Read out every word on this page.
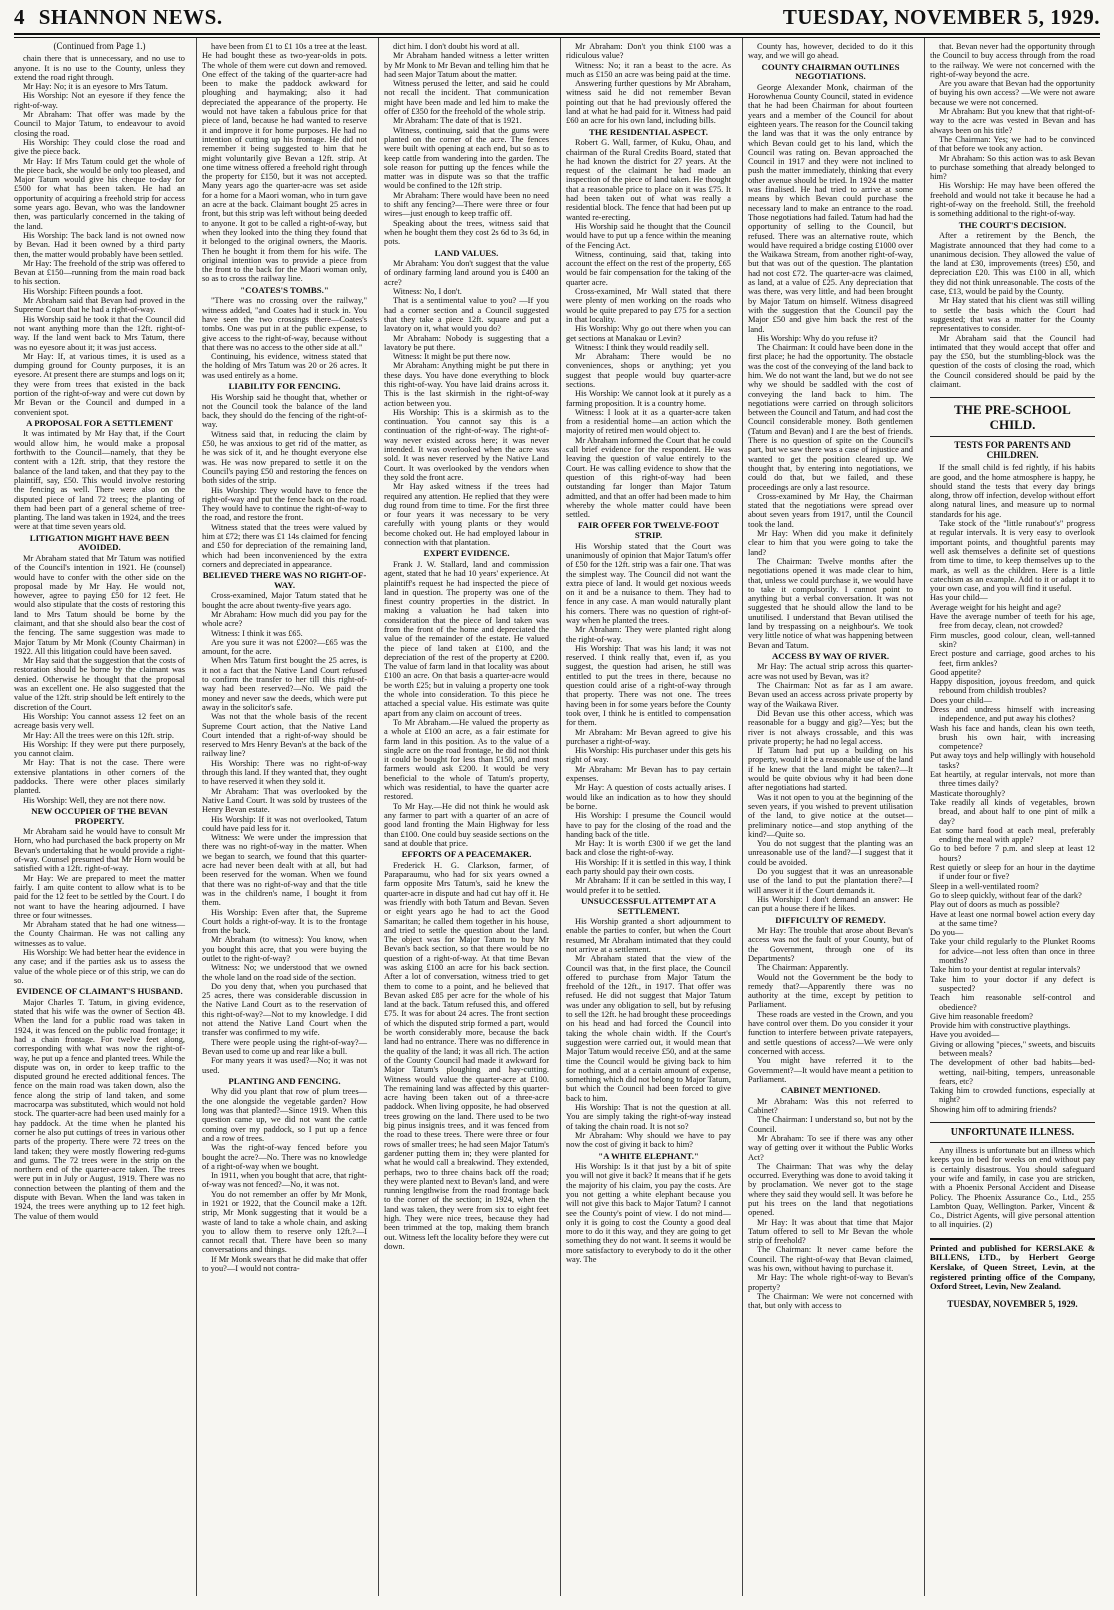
4 SHANNON NEWS.	TUESDAY, NOVEMBER 5, 1929.
(Continued from Page 1.)

chain there that is unnecessary, and no use to anyone. It is no use to the County, unless they extend the road right through.

Mr Hay: No; it is an eyesore to Mrs Tatum.

His Worship: Not an eyesore if they fence the right-of-way.

Mr Abraham: That offer was made by the Council to Major Tatum, to endeavour to avoid closing the road.

His Worship: They could close the road and give the piece back.

Mr Hay: If Mrs Tatum could get the whole of the piece back, she would be only too pleased, and Major Tatum would give his cheque to-day for £500 for what has been taken. He had an opportunity of acquiring a freehold strip for access some years ago. Bevan, who was the landowner then, was particularly concerned in the taking of the land.

His Worship: The back land is not owned now by Bevan. Had it been owned by a third party then, the matter would probably have been settled.

Mr Hay: The freehold of the strip was offered to Bevan at £150—running from the main road back to his section.

His Worship: Fifteen pounds a foot.

Mr Abraham said that Bevan had proved in the Supreme Court that he had a right-of-way.

His Worship said he took it that the Council did not want anything more than the 12ft. right-of-way. If the land went back to Mrs Tatum, there was no eyesore about it; it was just access.

Mr Hay: If, at various times, it is used as a dumping ground for County purposes, it is an eyesore. At present there are stumps and logs on it; they were from trees that existed in the back portion of the right-of-way and were cut down by Mr Bevan or the Council and dumped in a convenient spot.

A PROPOSAL FOR A SETTLEMENT

It was intimated by Mr Hay that, if the Court would allow him, he would make a proposal forthwith to the Council—namely, that they be content with a 12ft. strip, that they restore the balance of the land taken, and that they pay to the plaintiff, say, £50. This would involve restoring the fencing as well. There were also on the disputed piece of land 72 trees; the planting of them had been part of a general scheme of tree-planting. The land was taken in 1924, and the trees were at that time seven years old.

LITIGATION MIGHT HAVE BEEN AVOIDED.

Mr Abraham stated that Mr Tatum was notified of the Council's intention in 1921. He (counsel) would have to confer with the other side on the proposal made by Mr Hay. He would not, however, agree to paying £50 for 12 feet. He would also stipulate that the costs of restoring this land to Mrs Tatum should be borne by the claimant, and that she should also bear the cost of the fencing. The same suggestion was made to Major Tatum by Mr Monk (County Chairman) in 1922. All this litigation could have been saved.

Mr Hay said that the suggestion that the costs of restoration should be borne by the claimant was denied. Otherwise he thought that the proposal was an excellent one. He also suggested that the value of the 12ft. strip should be left entirely to the discretion of the Court.

His Worship: You cannot assess 12 feet on an acreage basis very well.

Mr Hay: All the trees were on this 12ft. strip.

His Worship: If they were put there purposely, you cannot claim.

Mr Hay: That is not the case. There were extensive plantations in other corners of the paddocks. There were other places similarly planted.

His Worship: Well, they are not there now.

NEW OCCUPIER OF THE BEVAN PROPERTY.

Mr Abraham said he would have to consult Mr Horn, who had purchased the back property on Mr Bevan's undertaking that he would provide a right-of-way. Counsel presumed that Mr Horn would be satisfied with a 12ft. right-of-way.

Mr Hay: We are prepared to meet the matter fairly. I am quite content to allow what is to be paid for the 12 feet to be settled by the Court. I do not want to have the hearing adjourned. I have three or four witnesses.

Mr Abraham stated that he had one witness—the County Chairman. He was not calling any witnesses as to value.

His Worship: We had better hear the evidence in any case; and if the parties ask us to assess the value of the whole piece or of this strip, we can do so.

EVIDENCE OF CLAIMANT'S HUSBAND.

Major Charles T. Tatum, in giving evidence, stated that his wife was the owner of Section 4B. When the land for a public road was taken in 1924, it was fenced on the public road frontage; it had a chain frontage. For twelve feet along, corresponding with what was now the right-of-way, he put up a fence and planted trees. While the dispute was on, in order to keep traffic to the disputed ground he erected additional fences. The fence on the main road was taken down, also the fence along the strip of land taken, and some macrocarpa was substituted, which would not hold stock. The quarter-acre had been used mainly for a hay paddock. At the time when he planted his corner he also put cuttings of trees in various other parts of the property. There were 72 trees on the land taken; they were mostly flowering red-gums and gums. The 72 trees were in the strip on the northern end of the quarter-acre taken. The trees were put in in July or August, 1919. There was no connection between the planting of them and the dispute with Bevan. When the land was taken in 1924, the trees were anything up to 12 feet high. The value of them would

have been from £1 to £1 10s a tree at the least. He had bought these as two-year-olds in pots. The whole of them were cut down and removed. One effect of the taking of the quarter-acre had been to make the paddock awkward for ploughing and haymaking; also it had depreciated the appearance of the property. He would not have taken a fabulous price for that piece of land, because he had wanted to reserve it and improve it for home purposes. He had no intention of cutting up his frontage. He did not remember it being suggested to him that he might voluntarily give Bevan a 12ft. strip. At one time witness offered a freehold right through the property for £150, but it was not accepted. Many years ago the quarter-acre was set aside for a home for a Maori woman, who in turn gave an acre at the back. Claimant bought 25 acres in front, but this strip was left without being deeded to anyone. It got to be called a right-of-way, but when they looked into the thing they found that it belonged to the original owners, the Maoris. Then he bought it from them for his wife. The original intention was to provide a piece from the front to the back for the Maori woman only, so as to cross the railway line.

"COATES'S TOMBS."

"There was no crossing over the railway," witness added, "and Coates had it stuck in. You have seen the two crossings there—Coates's tombs. One was put in at the public expense, to give access to the right-of-way, because without that there was no access to the other side at all."

Continuing, his evidence, witness stated that the holding of Mrs Tatum was 20 or 26 acres. It was used entirely as a home.

LIABILITY FOR FENCING.

His Worship said he thought that, whether or not the Council took the balance of the land back, they should do the fencing of the right-of-way.

Witness said that, in reducing the claim by £50, he was anxious to get rid of the matter, as he was sick of it, and he thought everyone else was. He was now prepared to settle it on the Council's paying £50 and restoring the fences on both sides of the strip.

His Worship: They would have to fence the right-of-way and put the fence back on the road. They would have to continue the right-of-way to the road, and restore the front.

Witness stated that the trees were valued by him at £72; there was £1 14s claimed for fencing and £50 for depreciation of the remaining land, which had been inconvenienced by the extra corners and depreciated in appearance.

BELIEVED THERE WAS NO RIGHT-OF-WAY.

Cross-examined, Major Tatum stated that he bought the acre about twenty-five years ago.

Mr Abraham: How much did you pay for the whole acre?

Witness: I think it was £65.

Are you sure it was not £200?—£65 was the amount, for the acre.

When Mrs Tatum first bought the 25 acres, is it not a fact that the Native Land Court refused to confirm the transfer to her till this right-of-way had been reserved?—No. We paid the money and never saw the deeds, which were put away in the solicitor's safe.

Was not that the whole basis of the recent Supreme Court action, that the Native Land Court intended that a right-of-way should be reserved to Mrs Henry Bevan's at the back of the railway line?

His Worship: There was no right-of-way through this land. If they wanted that, they ought to have reserved it when they sold it.

Mr Abraham: That was overlooked by the Native Land Court. It was sold by trustees of the Henry Bevan estate.

His Worship: If it was not overlooked, Tatum could have paid less for it.

Witness: We were under the impression that there was no right-of-way in the matter. When we began to search, we found that this quarter-acre had never been dealt with at all, but had been reserved for the woman. When we found that there was no right-of-way and that the title was in the children's name, I bought it from them.

His Worship: Even after that, the Supreme Court holds a right-of-way. It is to the frontage from the back.

Mr Abraham (to witness): You know, when you bought this acre, that you were buying the outlet to the right-of-way?

Witness: No; we understood that we owned the whole land on the road side of the section.

Do you deny that, when you purchased that 25 acres, there was considerable discussion in the Native Land Court as to the reservation of this right-of-way?—Not to my knowledge. I did not attend the Native Land Court when the transfer was confirmed to my wife.

There were people using the right-of-way?—Bevan used to come up and rear like a bull.

For many years it was used?—No; it was not used.

PLANTING AND FENCING.

Why did you plant that row of plum trees—the one alongside the vegetable garden? How long was that planted?—Since 1919. When this question came up, we did not want the cattle coming over my paddock, so I put up a fence and a row of trees.

Was the right-of-way fenced before you bought the acre?—No. There was no knowledge of a right-of-way when we bought.

In 1911, when you bought that acre, that right-of-way was not fenced?—No, it was not.

You do not remember an offer by Mr Monk, in 1921 or 1922, that the Council make a 12ft. strip, Mr Monk suggesting that it would be a waste of land to take a whole chain, and asking you to allow them to reserve only 12ft.?—I cannot recall that. There have been so many conversations and things.

If Mr Monk swears that he did make that offer to you?—I would not contra-

dict him. I don't doubt his word at all.

Mr Abraham handed witness a letter written by Mr Monk to Mr Bevan and telling him that he had seen Major Tatum about the matter.

Witness perused the letter, and said he could not recall the incident. That communication might have been made and led him to make the offer of £350 for the freehold of the whole strip.

Mr Abraham: The date of that is 1921.

Witness, continuing, said that the gums were planted on the corner of the acre. The fences were built with opening at each end, but so as to keep cattle from wandering into the garden. The sole reason for putting up the fences while the matter was in dispute was so that the traffic would be confined to the 12ft strip.

Mr Abraham: There would have been no need to shift any fencing?—There were three or four wires—just enough to keep traffic off.

Speaking about the trees, witness said that when he bought them they cost 2s 6d to 3s 6d, in pots.

LAND VALUES.

Mr Abraham: You don't suggest that the value of ordinary farming land around you is £400 an acre?

Witness: No, I don't.

That is a sentimental value to you? —If you had a corner section and a Council suggested that they take a piece 12ft. square and put a lavatory on it, what would you do?

Mr Abraham: Nobody is suggesting that a lavatory be put there.

Witness: It might be put there now.

Mr Abraham: Anything might be put there in these days. You have done everything to block this right-of-way. You have laid drains across it. This is the last skirmish in the right-of-way action between you.

His Worship: This is a skirmish as to the continuation. You cannot say this is a continuation of the right-of-way. The right-of-way never existed across here; it was never intended. It was overlooked when the acre was sold. It was never reserved by the Native Land Court. It was overlooked by the vendors when they sold the front acre.

Mr Hay asked witness if the trees had required any attention. He replied that they were dug round from time to time. For the first three or four years it was necessary to be very carefully with young plants or they would become choked out. He had employed labour in connection with that plantation.

EXPERT EVIDENCE.

Frank J. W. Stallard, land and commission agent, stated that he had 10 years' experience. At plaintiff's request he had inspected the piece of land in question. The property was one of the finest country properties in the district. In making a valuation he had taken into consideration that the piece of land taken was from the front of the home and depreciated the value of the remainder of the estate. He valued the piece of land taken at £100, and the depreciation of the rest of the property at £200. The value of farm land in that locality was about £100 an acre. On that basis a quarter-acre would be worth £25; but in valuing a property one took the whole into consideration. To this piece he attached a special value. His estimate was quite apart from any claim on account of trees.

To Mr Abraham.—He valued the property as a whole at £100 an acre, as a fair estimate for farm land in this position. As to the value of a single acre on the road frontage, he did not think it could be bought for less than £150, and most farmers would ask £200. It would be very beneficial to the whole of Tatum's property, which was residential, to have the quarter acre restored.

To Mr Hay.—He did not think he would ask any farmer to part with a quarter of an acre of good land fronting the Main Highway for less than £100. One could buy seaside sections on the sand at double that price.

EFFORTS OF A PEACEMAKER.

Frederick H. G. Clarkson, farmer, of Paraparaumu, who had for six years owned a farm opposite Mrs Tatum's, said he knew the quarter-acre in dispute and had cut hay off it. He was friendly with both Tatum and Bevan. Seven or eight years ago he had to act the Good Samaritan; he called them together in his house, and tried to settle the question about the land. The object was for Major Tatum to buy Mr Bevan's back section, so that there would be no question of a right-of-way. At that time Bevan was asking £100 an acre for his back section. After a lot of conversation, witness tried to get them to come to a point, and he believed that Bevan asked £85 per acre for the whole of his land at the back. Tatum refused this, and offered £75. It was for about 24 acres. The front section of which the disputed strip formed a part, would be worth considerably more, because the back land had no entrance. There was no difference in the quality of the land; it was all rich. The action of the County Council had made it awkward for Major Tatum's ploughing and hay-cutting. Witness would value the quarter-acre at £100. The remaining land was affected by this quarter-acre having been taken out of a three-acre paddock. When living opposite, he had observed trees growing on the land. There used to be two big pinus insignis trees, and it was fenced from the road to these trees. There were three or four rows of smaller trees; he had seen Major Tatum's gardener putting them in; they were planted for what he would call a breakwind. They extended, perhaps, two to three chains back off the road; they were planted next to Bevan's land, and were running lengthwise from the road frontage back to the corner of the section; in 1924, when the land was taken, they were from six to eight feet high. They were nice trees, because they had been trimmed at the top, making them branch out. Witness left the locality before they were cut down.

Mr Abraham: Don't you think £100 was a ridiculous value?

Witness: No; it ran a beast to the acre. As much as £150 an acre was being paid at the time.

Answering further questions by Mr Abraham, witness said he did not remember Bevan pointing out that he had previously offered the land at what he had paid for it. Witness had paid £60 an acre for his own land, including bills.

THE RESIDENTIAL ASPECT.

Robert G. Wall, farmer, of Kuku, Ohau, and chairman of the Rural Credits Board, stated that he had known the district for 27 years. At the request of the claimant he had made an inspection of the piece of land taken. He thought that a reasonable price to place on it was £75. It had been taken out of what was really a residential block. The fence that had been put up wanted re-erecting.

His Worship said he thought that the Council would have to put up a fence within the meaning of the Fencing Act.

Witness, continuing, said that, taking into account the effect on the rest of the property, £65 would be fair compensation for the taking of the quarter acre.

Cross-examined, Mr Wall stated that there were plenty of men working on the roads who would be quite prepared to pay £75 for a section in that locality.

His Worship: Why go out there when you can get sections at Manakau or Levin?

Witness: I think they would readily sell.

Mr Abraham: There would be no conveniences, shops or anything; yet you suggest that people would buy quarter-acre sections.

His Worship: We cannot look at it purely as a farming proposition. It is a country home.

Witness: I look at it as a quarter-acre taken from a residential home—an action which the majority of retired men would object to.

Mr Abraham informed the Court that he could call brief evidence for the respondent. He was leaving the question of value entirely to the Court. He was calling evidence to show that the question of this right-of-way had been outstanding far longer than Major Tatum admitted, and that an offer had been made to him whereby the whole matter could have been settled.

FAIR OFFER FOR TWELVE-FOOT STRIP.

His Worship stated that the Court was unanimously of opinion that Major Tatum's offer of £50 for the 12ft. strip was a fair one. That was the simplest way. The Council did not want the extra piece of land. It would get noxious weeds on it and be a nuisance to them. They had to fence in any case. A man would naturally plant his corners. There was no question of right-of-way when he planted the trees.

Mr Abraham: They were planted right along the right-of-way.

His Worship: That was his land; it was not reserved. I think really that, even if, as you suggest, the question had arisen, he still was entitled to put the trees in there, because no question could arise of a right-of-way through that property. There was not one. The trees having been in for some years before the County took over, I think he is entitled to compensation for them.

Mr Abraham: Mr Bevan agreed to give his purchaser a right-of-way.

His Worship: His purchaser under this gets his right of way.

Mr Abraham: Mr Bevan has to pay certain expenses.

Mr Hay: A question of costs actually arises. I would like an indication as to how they should be borne.

His Worship: I presume the Council would have to pay for the closing of the road and the handing back of the title.

Mr Hay: It is worth £300 if we get the land back and close the right-of-way.

His Worship: If it is settled in this way, I think each party should pay their own costs.

Mr Abraham: If it can be settled in this way, I would prefer it to be settled.

UNSUCCESSFUL ATTEMPT AT A SETTLEMENT.

His Worship granted a short adjournment to enable the parties to confer, but when the Court resumed, Mr Abraham intimated that they could not arrive at a settlement.

Mr Abraham stated that the view of the Council was that, in the first place, the Council offered to purchase from Major Tatum the freehold of the 12ft., in 1917. That offer was refused. He did not suggest that Major Tatum was under any obligation to sell, but by refusing to sell the 12ft. he had brought these proceedings on his head and had forced the Council into taking the whole chain width. If the Court's suggestion were carried out, it would mean that Major Tatum would receive £50, and at the same time the Council would be giving back to him for nothing, and at a certain amount of expense, something which did not belong to Major Tatum, but which the Council had been forced to give back to him.

His Worship: That is not the question at all. You are simply taking the right-of-way instead of taking the chain road. It is not so?

Mr Abraham: Why should we have to pay now the cost of giving it back to him?

"A WHITE ELEPHANT."

His Worship: Is it that just by a bit of spite you will not give it back? It means that if he gets the majority of his claim, you pay the costs. Are you not getting a white elephant because you will not give this back to Major Tatum? I cannot see the County's point of view. I do not mind—only it is going to cost the County a good deal more to do it this way, and they are going to get something they do not want. It seems it would be more satisfactory to everybody to do it the other way. The

County has, however, decided to do it this way, and we will go ahead.

COUNTY CHAIRMAN OUTLINES NEGOTIATIONS.

George Alexander Monk, chairman of the Horowhenua County Council, stated in evidence that he had been Chairman for about fourteen years and a member of the Council for about eighteen years. The reason for the Council taking the land was that it was the only entrance by which Bevan could get to his land, which the Council was rating on. Bevan approached the Council in 1917 and they were not inclined to push the matter immediately, thinking that every other avenue should be tried. In 1924 the matter was finalised. He had tried to arrive at some means by which Bevan could purchase the necessary land to make an entrance to the road. Those negotiations had failed. Tatum had had the opportunity of selling to the Council, but refused. There was an alternative route, which would have required a bridge costing £1000 over the Waikawa Stream, from another right-of-way, but that was out of the question. The plantation had not cost £72. The quarter-acre was claimed, as land, at a value of £25. Any depreciation that was there, was very little, and had been brought by Major Tatum on himself. Witness disagreed with the suggestion that the Council pay the Major £50 and give him back the rest of the land.

His Worship: Why do you refuse it?

The Chairman: It could have been done in the first place; he had the opportunity. The obstacle was the cost of the conveying of the land back to him. We do not want the land, but we do not see why we should be saddled with the cost of conveying the land back to him. The negotiations were carried on through solicitors between the Council and Tatum, and had cost the Council considerable money. Both gentlemen (Tatum and Bevan) and I are the best of friends. There is no question of spite on the Council's part, but we saw there was a case of injustice and wanted to get the position cleared up. We thought that, by entering into negotiations, we could do that, but we failed, and these proceedings are only a last resource.

Cross-examined by Mr Hay, the Chairman stated that the negotiations were spread over about seven years from 1917, until the Council took the land.

Mr Hay: When did you make it definitely clear to him that you were going to take the land?

The Chairman: Twelve months after the negotiations opened it was made clear to him, that, unless we could purchase it, we would have to take it compulsorily. I cannot point to anything but a verbal conversation. It was not suggested that he should allow the land to be unutilised. I understand that Bevan utilised the land by trespassing on a neighbour's. We took very little notice of what was happening between Bevan and Tatum.

ACCESS BY WAY OF RIVER.

Mr Hay: The actual strip across this quarter-acre was not used by Bevan, was it?

The Chairman: Not as far as I am aware. Bevan used an access across private property by way of the Waikawa River.

Did Bevan use this other access, which was reasonable for a buggy and gig?—Yes; but the river is not always crossable, and this was private property; he had no legal access.

If Tatum had put up a building on his property, would it be a reasonable use of the land if he knew that the land might be taken?—It would be quite obvious why it had been done after negotiations had started.

Was it not open to you at the beginning of the seven years, if you wished to prevent utilisation of the land, to give notice at the outset—preliminary notice—and stop anything of the kind?—Quite so.

You do not suggest that the planting was an unreasonable use of the land?—I suggest that it could be avoided.

Do you suggest that it was an unreasonable use of the land to put the plantation there?—I will answer it if the Court demands it.

His Worship: I don't demand an answer: He can put a house there if he likes.

DIFFICULTY OF REMEDY.

Mr Hay: The trouble that arose about Bevan's access was not the fault of your County, but of the Government, through one of its Departments?

The Chairman: Apparently.

Would not the Government be the body to remedy that?—Apparently there was no authority at the time, except by petition to Parliament.

These roads are vested in the Crown, and you have control over them. Do you consider it your function to interfere between private ratepayers, and settle questions of access?—We were only concerned with access.

You might have referred it to the Government?—It would have meant a petition to Parliament.

CABINET MENTIONED.

Mr Abraham: Was this not referred to Cabinet?

The Chairman: I understand so, but not by the Council.

Mr Abraham: To see if there was any other way of getting over it without the Public Works Act?

The Chairman: That was why the delay occurred. Everything was done to avoid taking it by proclamation. We never got to the stage where they said they would sell. It was before he put his trees on the land that negotiations opened.

Mr Hay: It was about that time that Major Tatum offered to sell to Mr Bevan the whole strip of freehold?

The Chairman: It never came before the Council. The right-of-way that Bevan claimed, was his own, without having to purchase it.

Mr Hay: The whole right-of-way to Bevan's property?

The Chairman: We were not concerned with that, but only with access to

that. Bevan never had the opportunity through the Council to buy access through from the road to the railway. We were not concerned with the right-of-way beyond the acre.

Are you aware that Bevan had the opportunity of buying his own access? —We were not aware because we were not concerned.

Mr Abraham: But you knew that that right-of-way to the acre was vested in Bevan and has always been on his title?

The Chairman: Yes; we had to be convinced of that before we took any action.

Mr Abraham: So this action was to ask Bevan to purchase something that already belonged to him?

His Worship: He may have been offered the freehold and would not take it because he had a right-of-way on the freehold. Still, the freehold is something additional to the right-of-way.

THE COURT'S DECISION.

After a retirement by the Bench, the Magistrate announced that they had come to a unanimous decision. They allowed the value of the land at £30, improvements (trees) £50, and depreciation £20. This was £100 in all, which they did not think unreasonable. The costs of the case, £13, would be paid by the County.

Mr Hay stated that his client was still willing to settle the basis which the Court had suggested; that was a matter for the County representatives to consider.

Mr Abraham said that the Council had intimated that they would accept that offer and pay the £50, but the stumbling-block was the question of the costs of closing the road, which the Council considered should be paid by the claimant.

THE PRE-SCHOOL CHILD.
TESTS FOR PARENTS AND CHILDREN.

If the small child is fed rightly, if his habits are good, and the home atmosphere is happy, he should stand the tests that every day brings along, throw off infection, develop without effort along natural lines, and measure up to normal standards for his age.

Take stock of the "little runabout's" progress at regular intervals. It is very easy to overlook important points, and thoughtful parents may well ask themselves a definite set of questions from time to time, to keep themselves up to the mark, as well as the children. Here is a little catechism as an example. Add to it or adapt it to your own case, and you will find it useful.

Has your child—

Average weight for his height and age?

Have the average number of teeth for his age, free from decay, clean, not crowded?

Firm muscles, good colour, clean, well-tanned skin?

Erect posture and carriage, good arches to his feet, firm ankles?

Good appetite?

Happy disposition, joyous freedom, and quick rebound from childish troubles?

Does your child—

Dress and undress himself with increasing independence, and put away his clothes?

Wash his face and hands, clean his own teeth, brush his own hair, with increasing competence?

Put away toys and help willingly with household tasks?

Eat heartily, at regular intervals, not more than three times daily?

Masticate thoroughly?

Take readily all kinds of vegetables, brown bread, and about half to one pint of milk a day?

Eat some hard food at each meal, preferably ending the meal with apple?

Go to bed before 7 p.m. and sleep at least 12 hours?

Rest quietly or sleep for an hour in the daytime if under four or five?

Sleep in a well-ventilated room?

Go to sleep quickly, without fear of the dark?

Play out of doors as much as possible?

Have at least one normal bowel action every day at the same time?

Do you—

Take your child regularly to the Plunket Rooms for advice—not less often than once in three months?

Take him to your dentist at regular intervals?

Take him to your doctor if any defect is suspected?

Teach him reasonable self-control and obedience?

Give him reasonable freedom?

Provide him with constructive playthings.

Have you avoided—

Giving or allowing "pieces," sweets, and biscuits between meals?

The development of other bad habits—bed-wetting, nail-biting, tempers, unreasonable fears, etc?

Taking him to crowded functions, especially at night?

Showing him off to admiring friends?

UNFORTUNATE ILLNESS.

Any illness is unfortunate but an illness which keeps you in bed for weeks on end without pay is certainly disastrous. You should safeguard your wife and family, in case you are stricken, with a Phoenix Personal Accident and Disease Policy. The Phoenix Assurance Co., Ltd., 255 Lambton Quay, Wellington. Parker, Vincent & Co., District Agents, will give personal attention to all inquiries. (2)

Printed and published for KERSLAKE & BILLENS, LTD., by Herbert George Kerslake, of Queen Street, Levin, at the registered printing office of the Company, Oxford Street, Levin, New Zealand.
TUESDAY, NOVEMBER 5, 1929.
